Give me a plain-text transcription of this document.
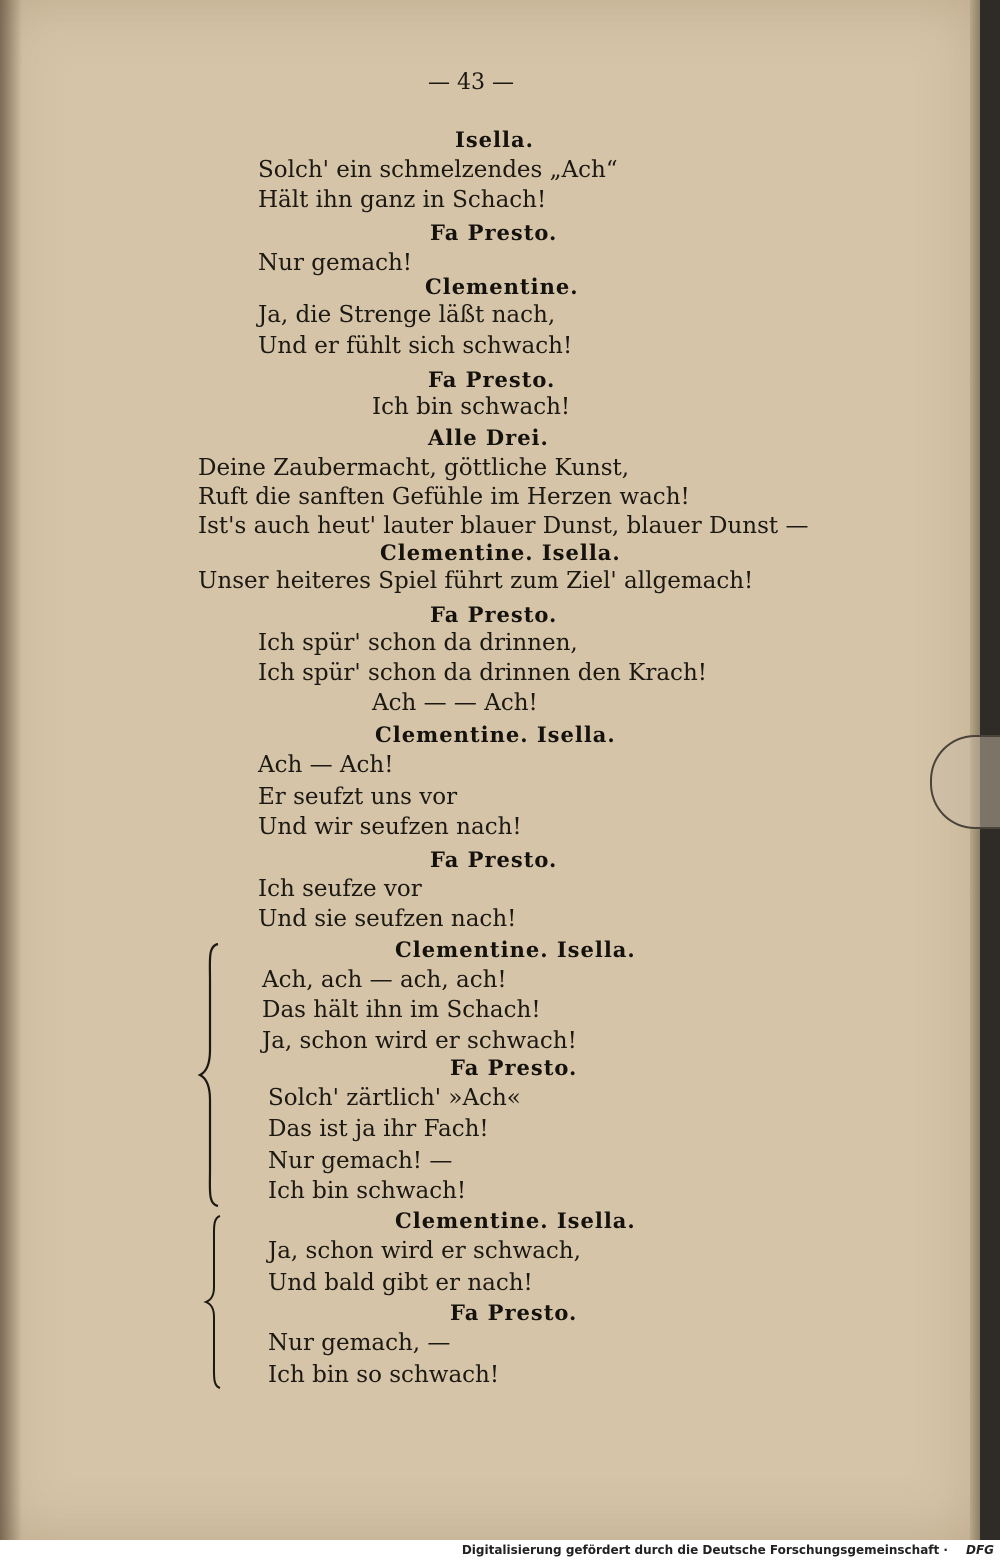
— 43 —
Isella.
Solch' ein schmelzendes „Ach“
Hält ihn ganz in Schach!
Fa Presto.
Nur gemach!
Clementine.
Ja, die Strenge läßt nach,
Und er fühlt sich schwach!
Fa Presto.
Ich bin schwach!
Alle Drei.
Deine Zaubermacht, göttliche Kunst,
Ruft die sanften Gefühle im Herzen wach!
Ist's auch heut' lauter blauer Dunst, blauer Dunst —
Clementine. Isella.
Unser heiteres Spiel führt zum Ziel' allgemach!
Fa Presto.
Ich spür' schon da drinnen,
Ich spür' schon da drinnen den Krach!
Ach — — Ach!
Clementine. Isella.
Ach — Ach!
Er seufzt uns vor
Und wir seufzen nach!
Fa Presto.
Ich seufze vor
Und sie seufzen nach!
Clementine. Isella.
Ach, ach — ach, ach!
Das hält ihn im Schach!
Ja, schon wird er schwach!
Fa Presto.
Solch' zärtlich' »Ach«
Das ist ja ihr Fach!
Nur gemach! —
Ich bin schwach!
Clementine. Isella.
Ja, schon wird er schwach,
Und bald gibt er nach!
Fa Presto.
Nur gemach, —
Ich bin so schwach!
Digitalisierung gefördert durch die Deutsche Forschungsgemeinschaft · DFG
